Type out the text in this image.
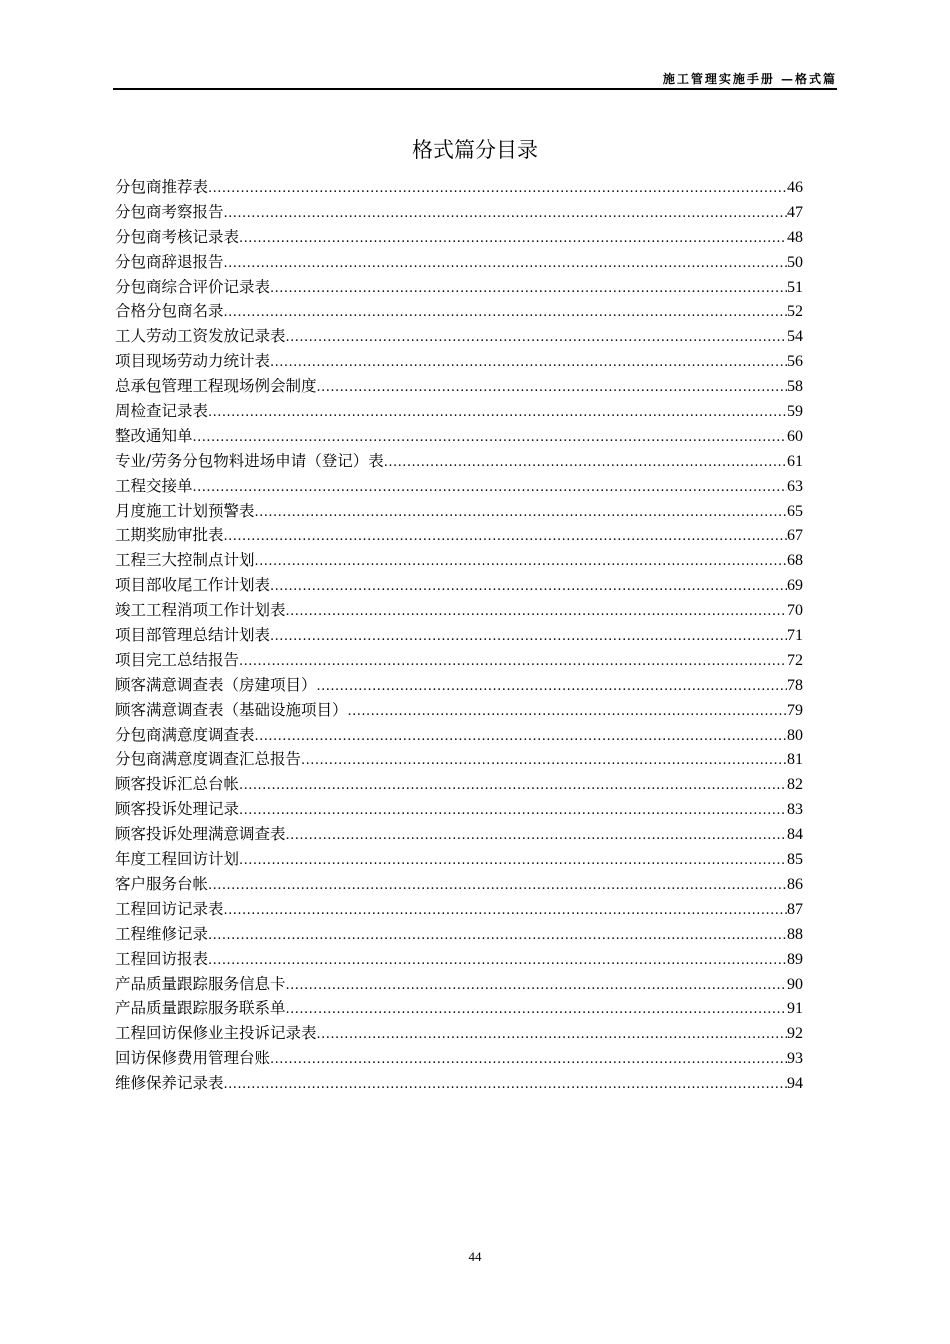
施工管理实施手册 —格式篇
格式篇分目录
分包商推荐表 .....	46
分包商考察报告 .....	47
分包商考核记录表 .....	48
分包商辞退报告 .....	50
分包商综合评价记录表 .....	51
合格分包商名录 .....	52
工人劳动工资发放记录表 .....	54
项目现场劳动力统计表 .....	56
总承包管理工程现场例会制度 .....	58
周检查记录表 .....	59
整改通知单 .....	60
专业/劳务分包物料进场申请（登记）表 .....	61
工程交接单 .....	63
月度施工计划预警表 .....	65
工期奖励审批表 .....	67
工程三大控制点计划 .....	68
项目部收尾工作计划表 .....	69
竣工工程消项工作计划表 .....	70
项目部管理总结计划表 .....	71
项目完工总结报告 .....	72
顾客满意调查表（房建项目） .....	78
顾客满意调查表（基础设施项目） .....	79
分包商满意度调查表 .....	80
分包商满意度调查汇总报告 .....	81
顾客投诉汇总台帐 .....	82
顾客投诉处理记录 .....	83
顾客投诉处理满意调查表 .....	84
年度工程回访计划 .....	85
客户服务台帐 .....	86
工程回访记录表 .....	87
工程维修记录 .....	88
工程回访报表 .....	89
产品质量跟踪服务信息卡 .....	90
产品质量跟踪服务联系单 .....	91
工程回访保修业主投诉记录表 .....	92
回访保修费用管理台账 .....	93
维修保养记录表 .....	94
44
